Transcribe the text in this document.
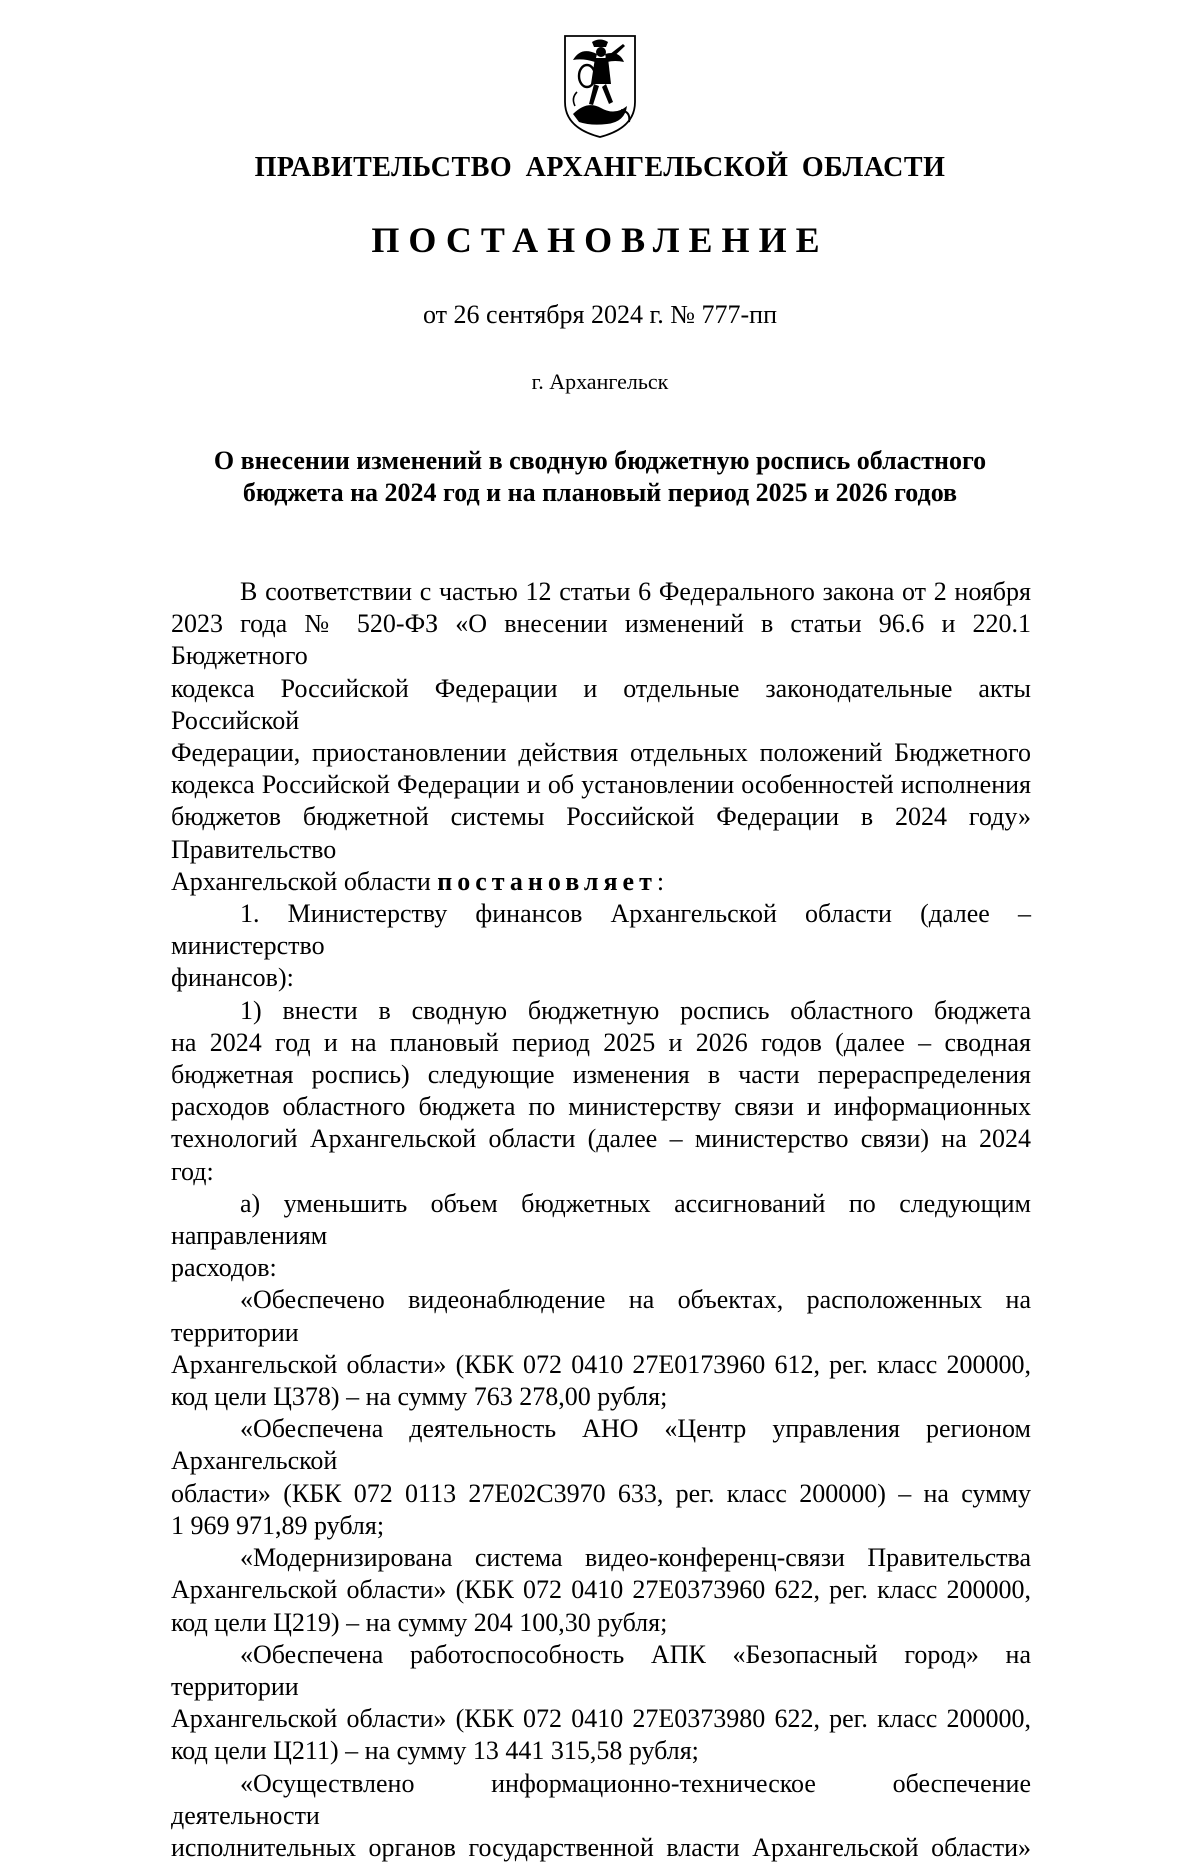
ПРАВИТЕЛЬСТВО АРХАНГЕЛЬСКОЙ ОБЛАСТИ
ПОСТАНОВЛЕНИЕ
от 26 сентября 2024 г. № 777-пп
г. Архангельск
О внесении изменений в сводную бюджетную роспись областного
бюджета на 2024 год и на плановый период 2025 и 2026 годов
В соответствии с частью 12 статьи 6 Федерального закона от 2 ноября
2023 года № 520-ФЗ «О внесении изменений в статьи 96.6 и 220.1 Бюджетного
кодекса Российской Федерации и отдельные законодательные акты Российской
Федерации, приостановлении действия отдельных положений Бюджетного
кодекса Российской Федерации и об установлении особенностей исполнения
бюджетов бюджетной системы Российской Федерации в 2024 году» Правительство
Архангельской области постановляет:
1. Министерству финансов Архангельской области (далее – министерство
финансов):
1) внести в сводную бюджетную роспись областного бюджета
на 2024 год и на плановый период 2025 и 2026 годов (далее – сводная
бюджетная роспись) следующие изменения в части перераспределения
расходов областного бюджета по министерству связи и информационных
технологий Архангельской области (далее – министерство связи) на 2024 год:
а) уменьшить объем бюджетных ассигнований по следующим направлениям
расходов:
«Обеспечено видеонаблюдение на объектах, расположенных на территории
Архангельской области» (КБК 072 0410 27Е0173960 612, рег. класс 200000,
код цели Ц378) – на сумму 763 278,00 рубля;
«Обеспечена деятельность АНО «Центр управления регионом Архангельской
области» (КБК 072 0113 27Е02С3970 633, рег. класс 200000) – на сумму
1 969 971,89 рубля;
«Модернизирована система видео-конференц-связи Правительства
Архангельской области» (КБК 072 0410 27Е0373960 622, рег. класс 200000,
код цели Ц219) – на сумму 204 100,30 рубля;
«Обеспечена работоспособность АПК «Безопасный город» на территории
Архангельской области» (КБК 072 0410 27Е0373980 622, рег. класс 200000,
код цели Ц211) – на сумму 13 441 315,58 рубля;
«Осуществлено информационно-техническое обеспечение деятельности
исполнительных органов государственной власти Архангельской области»
